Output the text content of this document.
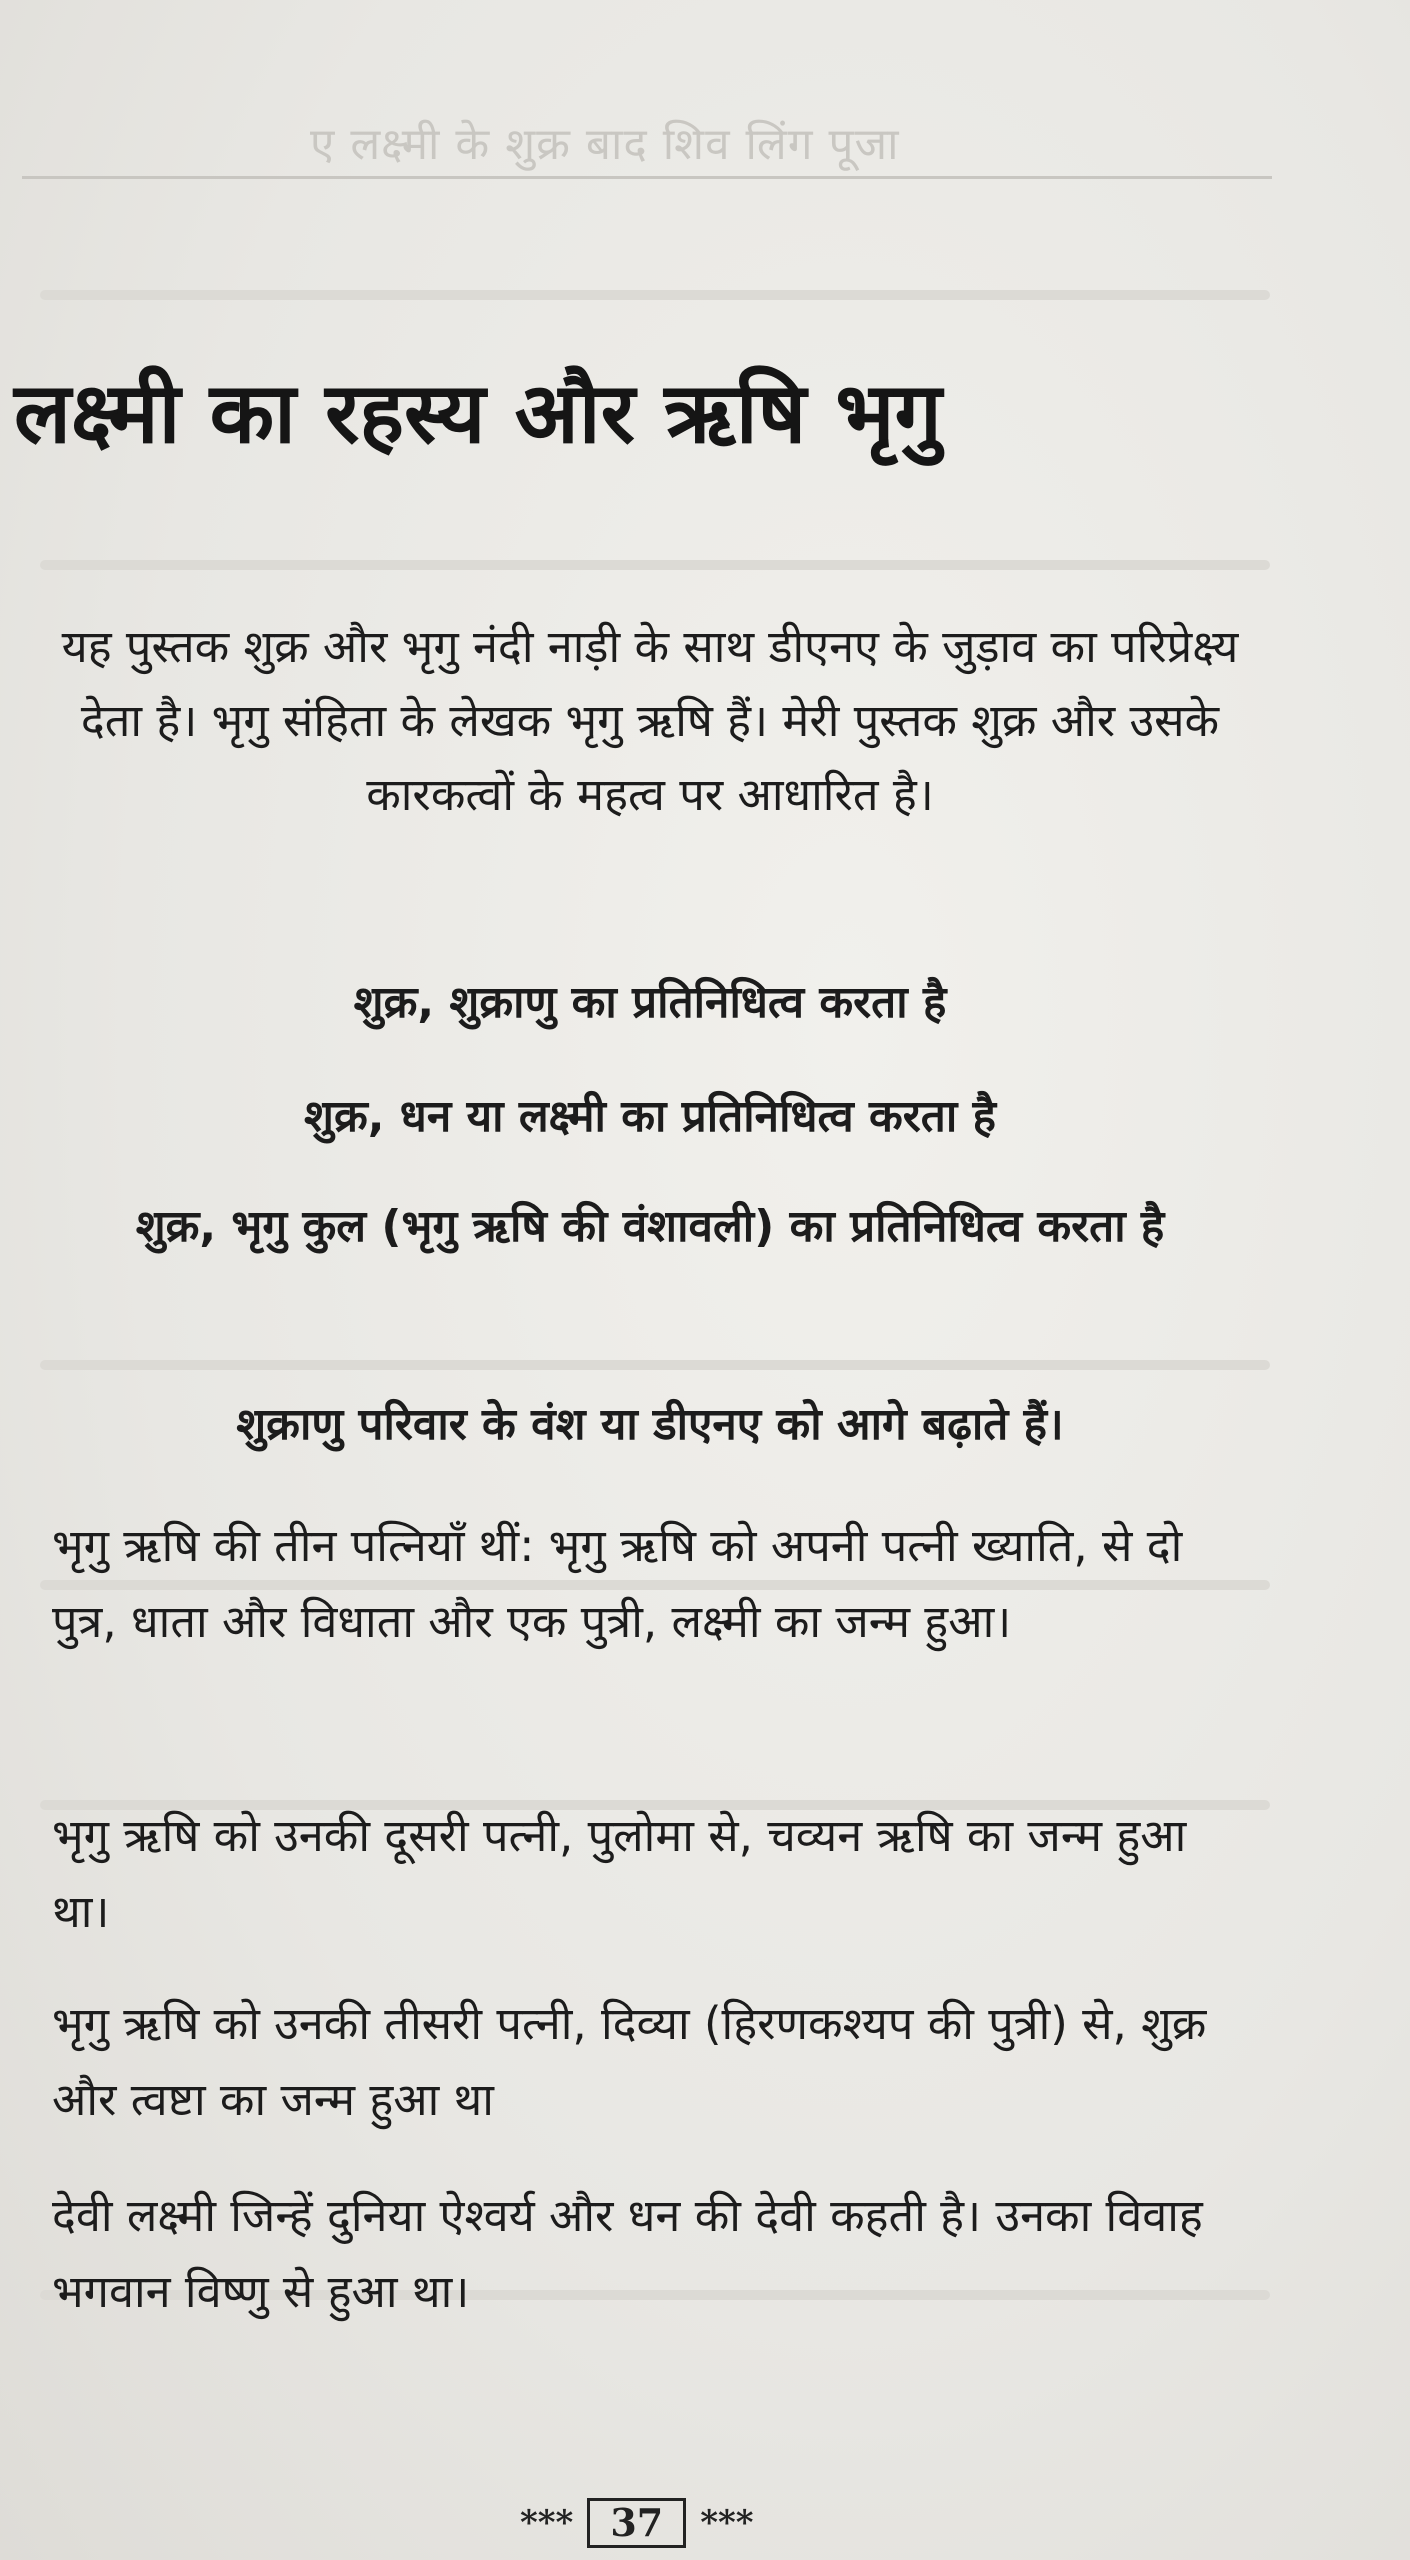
ए लक्ष्मी के शुक्र बाद शिव लिंग पूजा
लक्ष्मी का रहस्य और ऋषि भृगु

यह पुस्तक शुक्र और भृगु नंदी नाड़ी के साथ डीएनए के जुड़ाव का परिप्रेक्ष्य देता है। भृगु संहिता के लेखक भृगु ऋषि हैं। मेरी पुस्तक शुक्र और उसके कारकत्वों के महत्व पर आधारित है।

शुक्र, शुक्राणु का प्रतिनिधित्व करता है

शुक्र, धन या लक्ष्मी का प्रतिनिधित्व करता है

शुक्र, भृगु कुल (भृगु ऋषि की वंशावली) का प्रतिनिधित्व करता है

शुक्राणु परिवार के वंश या डीएनए को आगे बढ़ाते हैं।

भृगु ऋषि की तीन पत्नियाँ थीं: भृगु ऋषि को अपनी पत्नी ख्याति, से दो पुत्र, धाता और विधाता और एक पुत्री, लक्ष्मी का जन्म हुआ।

भृगु ऋषि को उनकी दूसरी पत्नी, पुलोमा से, चव्यन ऋषि का जन्म हुआ था।

भृगु ऋषि को उनकी तीसरी पत्नी, दिव्या (हिरणकश्यप की पुत्री) से, शुक्र और त्वष्टा का जन्म हुआ था

देवी लक्ष्मी जिन्हें दुनिया ऐश्वर्य और धन की देवी कहती है। उनका विवाह भगवान विष्णु से हुआ था।

*** 37	***
